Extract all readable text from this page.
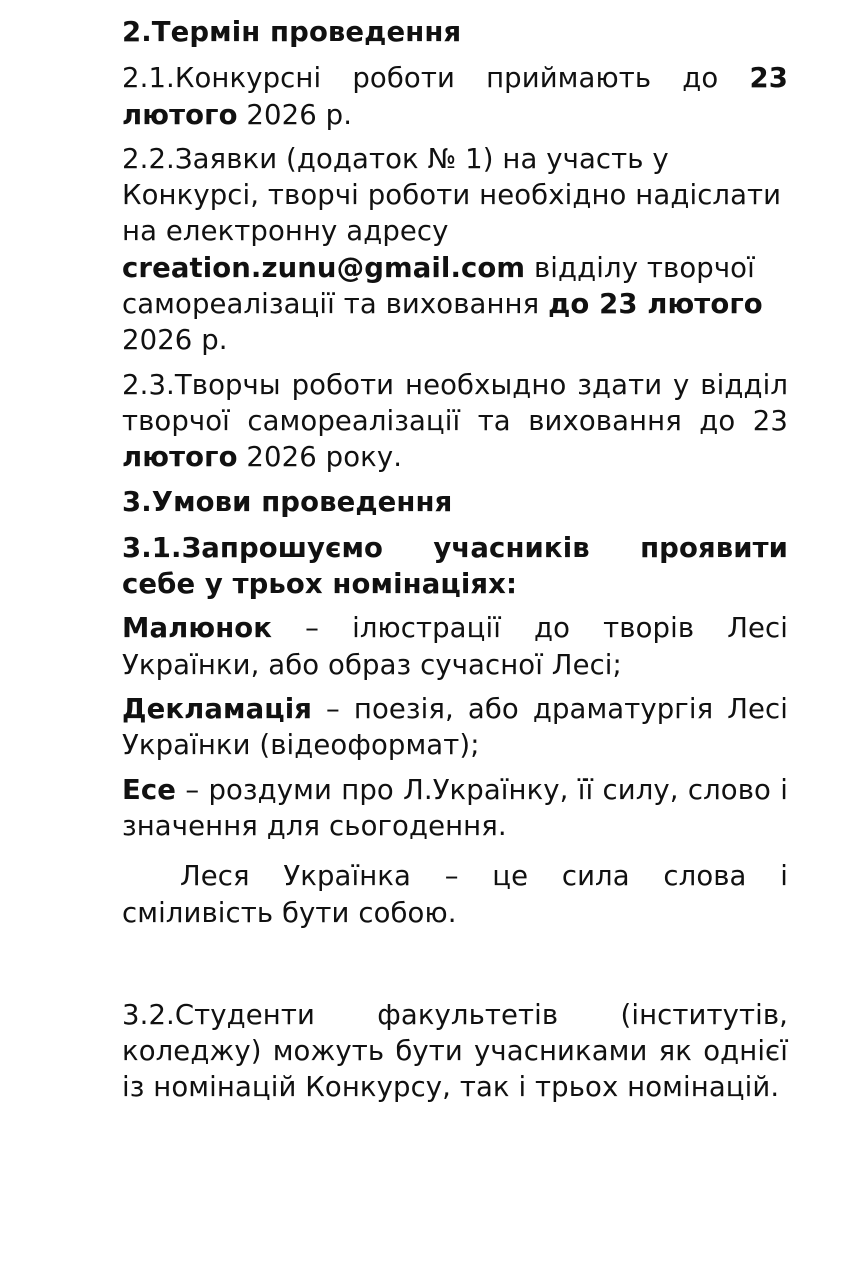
2.Термін проведення

2.1.Конкурсні роботи приймають до 23 лютого 2026 р.

2.2.Заявки (додаток № 1) на участь у Конкурсі, творчі роботи необхідно надіслати на електронну адресу creation.zunu@gmail.com відділу творчої самореалізації та виховання до 23 лютого 2026 р.

2.3.Творчы роботи необхыдно здати у відділ творчої самореалізації та виховання до 23 лютого 2026 року.

3.Умови проведення

3.1.Запрошуємо учасників проявити себе у трьох номінаціях:

Малюнок – ілюстрації до творів Лесі Українки, або образ сучасної Лесі;

Декламація – поезія, або драматургія Лесі Українки (відеоформат);

Есе – роздуми про Л.Українку, її силу, слово і значення для сьогодення.

Леся Українка – це сила слова і сміливість бути собою.

3.2.Студенти факультетів (інститутів, коледжу) можуть бути учасниками як однієї із номінацій Конкурсу, так і трьох номінацій.
